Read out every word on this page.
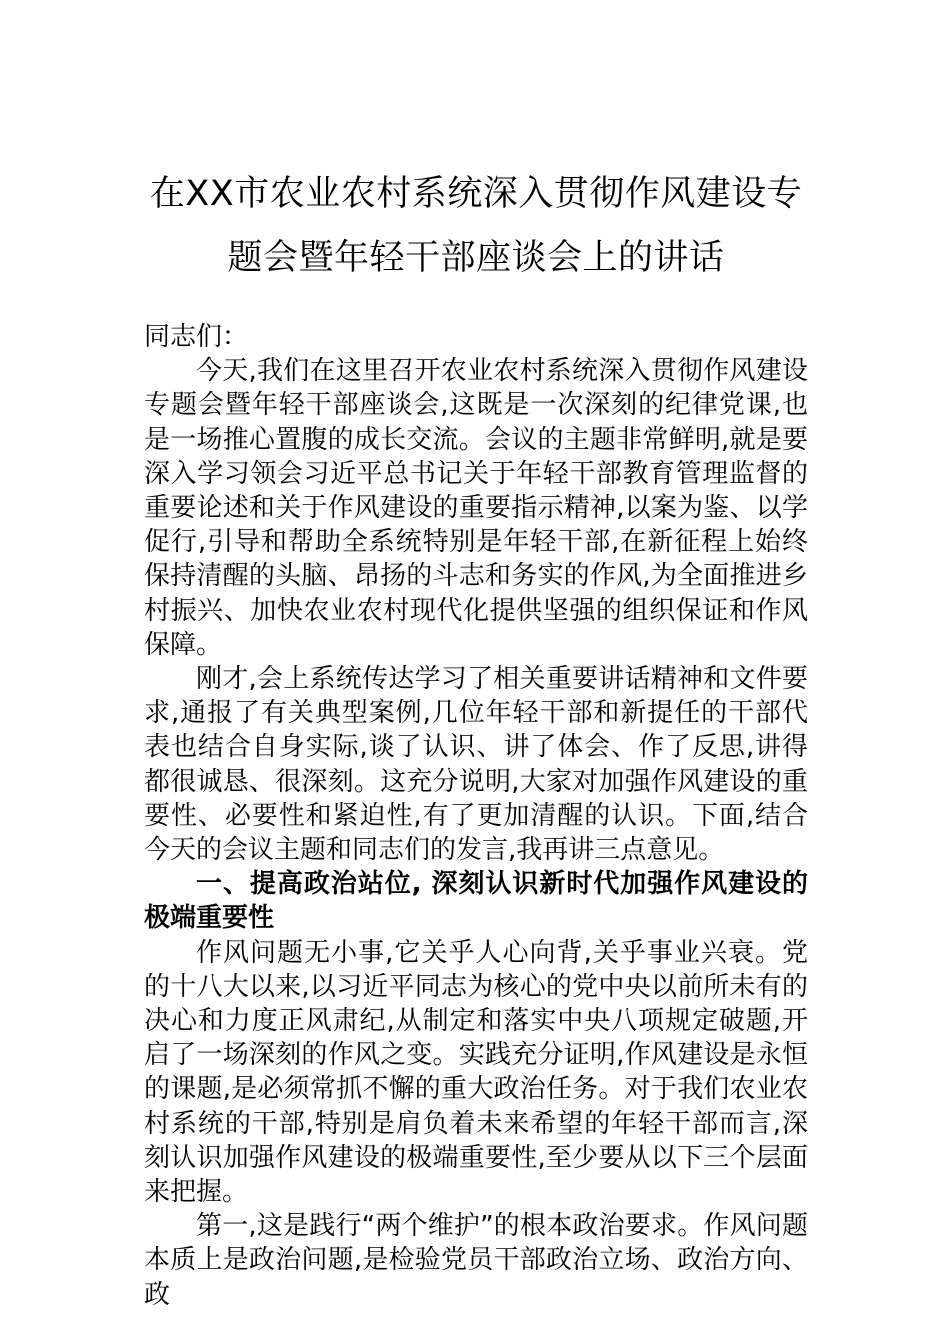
在XX市农业农村系统深入贯彻作风建设专
题会暨年轻干部座谈会上的讲话

同志们：

今天,我们在这里召开农业农村系统深入贯彻作风建设专题会暨年轻干部座谈会,这既是一次深刻的纪律党课,也是一场推心置腹的成长交流。会议的主题非常鲜明,就是要深入学习领会习近平总书记关于年轻干部教育管理监督的重要论述和关于作风建设的重要指示精神,以案为鉴、以学促行,引导和帮助全系统特别是年轻干部,在新征程上始终保持清醒的头脑、昂扬的斗志和务实的作风,为全面推进乡村振兴、加快农业农村现代化提供坚强的组织保证和作风保障。

刚才,会上系统传达学习了相关重要讲话精神和文件要求,通报了有关典型案例,几位年轻干部和新提任的干部代表也结合自身实际,谈了认识、讲了体会、作了反思,讲得都很诚恳、很深刻。这充分说明,大家对加强作风建设的重要性、必要性和紧迫性,有了更加清醒的认识。下面,结合今天的会议主题和同志们的发言,我再讲三点意见。

一、提高政治站位, 深刻认识新时代加强作风建设的极端重要性

作风问题无小事,它关乎人心向背,关乎事业兴衰。党的十八大以来,以习近平同志为核心的党中央以前所未有的决心和力度正风肃纪,从制定和落实中央八项规定破题,开启了一场深刻的作风之变。实践充分证明,作风建设是永恒的课题,是必须常抓不懈的重大政治任务。对于我们农业农村系统的干部,特别是肩负着未来希望的年轻干部而言,深刻认识加强作风建设的极端重要性,至少要从以下三个层面来把握。

第一,这是践行“两个维护”的根本政治要求。作风问题本质上是政治问题,是检验党员干部政治立场、政治方向、政
